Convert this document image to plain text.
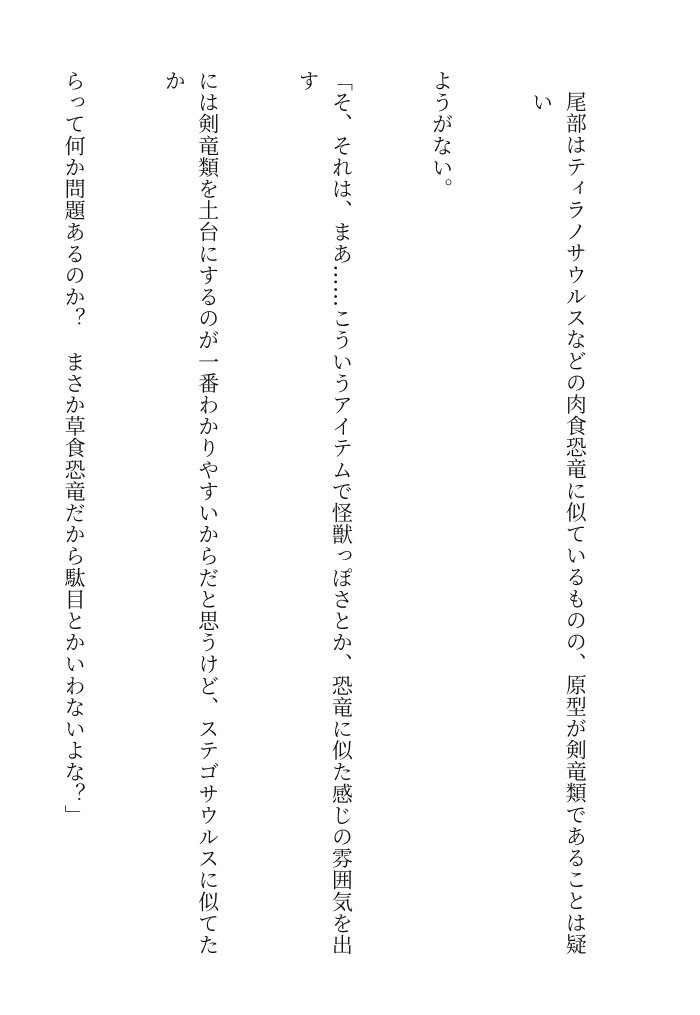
尾部はティラノサウルスなどの肉食恐竜に似ているものの、原型が剣竜類であることは疑い

ようがない。

「そ、それは、まあ……こういうアイテムで怪獣っぽさとか、恐竜に似た感じの雰囲気を出す

には剣竜類を土台にするのが一番わかりやすいからだと思うけど、ステゴサウルスに似てたか

らって何か問題あるのか？　まさか草食恐竜だから駄目とかいわないよな？」
